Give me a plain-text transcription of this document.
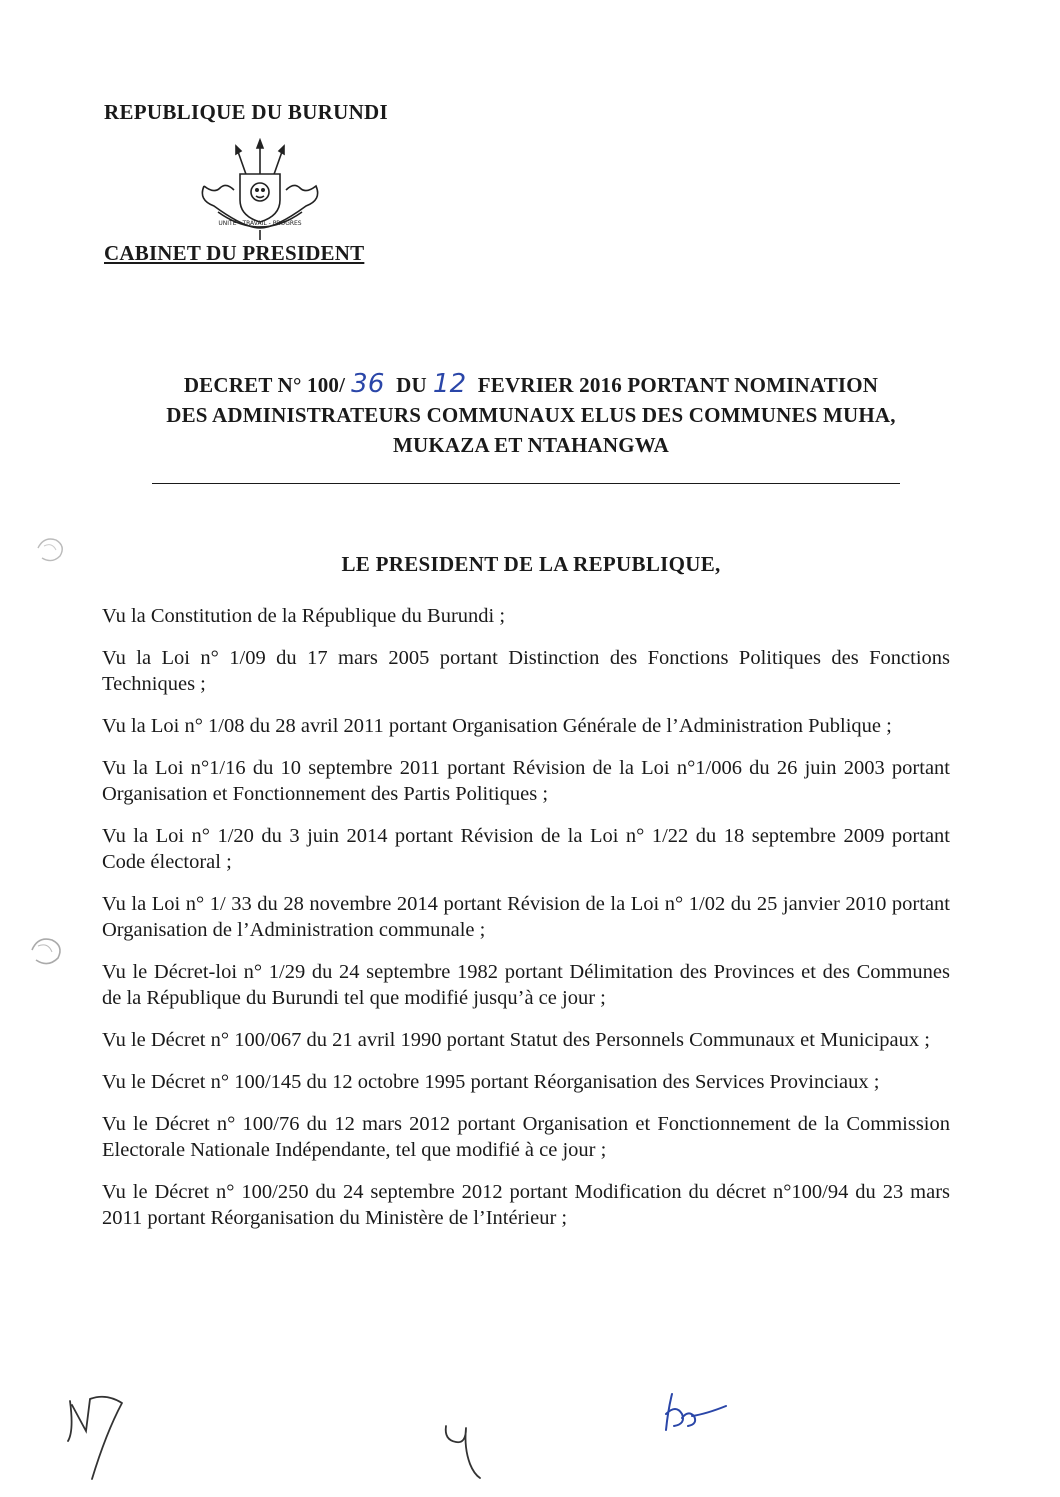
REPUBLIQUE DU BURUNDI
UNITE - TRAVAIL - PROGRES
CABINET DU PRESIDENT
DECRET N° 100/ 36 DU 12 FEVRIER 2016 PORTANT NOMINATION
DES ADMINISTRATEURS COMMUNAUX ELUS DES COMMUNES MUHA,
MUKAZA ET NTAHANGWA
LE PRESIDENT DE LA REPUBLIQUE,

Vu la Constitution de la République du Burundi ;

Vu la Loi n° 1/09 du 17 mars 2005 portant Distinction des Fonctions Politiques des Fonctions Techniques ;

Vu la Loi n° 1/08 du 28 avril 2011 portant Organisation Générale de l’Administration Publique ;

Vu la Loi n°1/16 du 10 septembre 2011 portant Révision de la Loi n°1/006 du 26 juin 2003 portant Organisation et Fonctionnement des Partis Politiques ;

Vu la Loi n° 1/20 du 3 juin 2014 portant Révision de la Loi n° 1/22 du 18 septembre 2009 portant Code électoral ;

Vu la Loi n° 1/ 33 du 28 novembre 2014 portant Révision de la Loi n° 1/02 du 25 janvier 2010 portant Organisation de l’Administration communale ;

Vu le Décret-loi n° 1/29 du 24 septembre 1982 portant Délimitation des Provinces et des Communes de la République du Burundi tel que modifié jusqu’à ce jour ;

Vu le Décret n° 100/067 du 21 avril 1990 portant Statut des Personnels Communaux et Municipaux ;

Vu le Décret n° 100/145 du 12 octobre 1995 portant Réorganisation des Services Provinciaux ;

Vu le Décret n° 100/76 du 12 mars 2012 portant Organisation et Fonctionnement de la Commission Electorale Nationale Indépendante, tel que modifié à ce jour ;

Vu le Décret n° 100/250 du 24 septembre 2012 portant Modification du décret n°100/94 du 23 mars 2011 portant Réorganisation du Ministère de l’Intérieur ;
